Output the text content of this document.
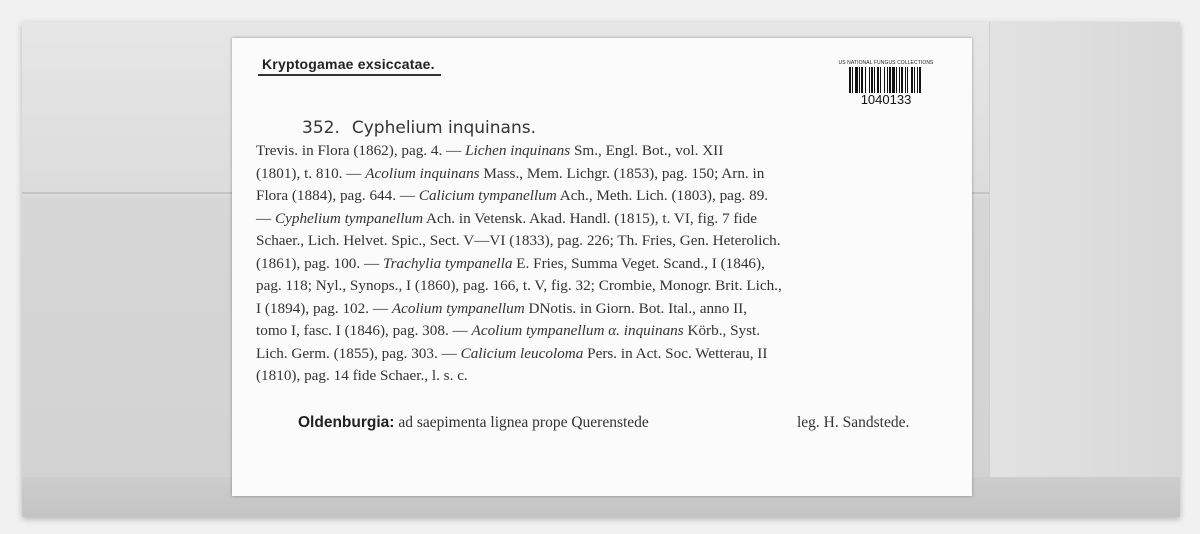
Kryptogamae exsiccatae.	US NATIONAL FUNGUS COLLECTIONS
1040133
352. Cyphelium inquinans.
Trevis. in Flora (1862), pag. 4. — Lichen inquinans Sm., Engl. Bot., vol. XII
(1801), t. 810. — Acolium inquinans Mass., Mem. Lichgr. (1853), pag. 150; Arn. in
Flora (1884), pag. 644. — Calicium tympanellum Ach., Meth. Lich. (1803), pag. 89.
— Cyphelium tympanellum Ach. in Vetensk. Akad. Handl. (1815), t. VI, fig. 7 fide
Schaer., Lich. Helvet. Spic., Sect. V—VI (1833), pag. 226; Th. Fries, Gen. Heterolich.
(1861), pag. 100. — Trachylia tympanella E. Fries, Summa Veget. Scand., I (1846),
pag. 118; Nyl., Synops., I (1860), pag. 166, t. V, fig. 32; Crombie, Monogr. Brit. Lich.,
I (1894), pag. 102. — Acolium tympanellum DNotis. in Giorn. Bot. Ital., anno II,
tomo I, fasc. I (1846), pag. 308. — Acolium tympanellum α. inquinans Körb., Syst.
Lich. Germ. (1855), pag. 303. — Calicium leucoloma Pers. in Act. Soc. Wetterau, II
(1810), pag. 14 fide Schaer., l. s. c.
Oldenburgia: ad saepimenta lignea prope Querenstede	leg. H. Sandstede.
